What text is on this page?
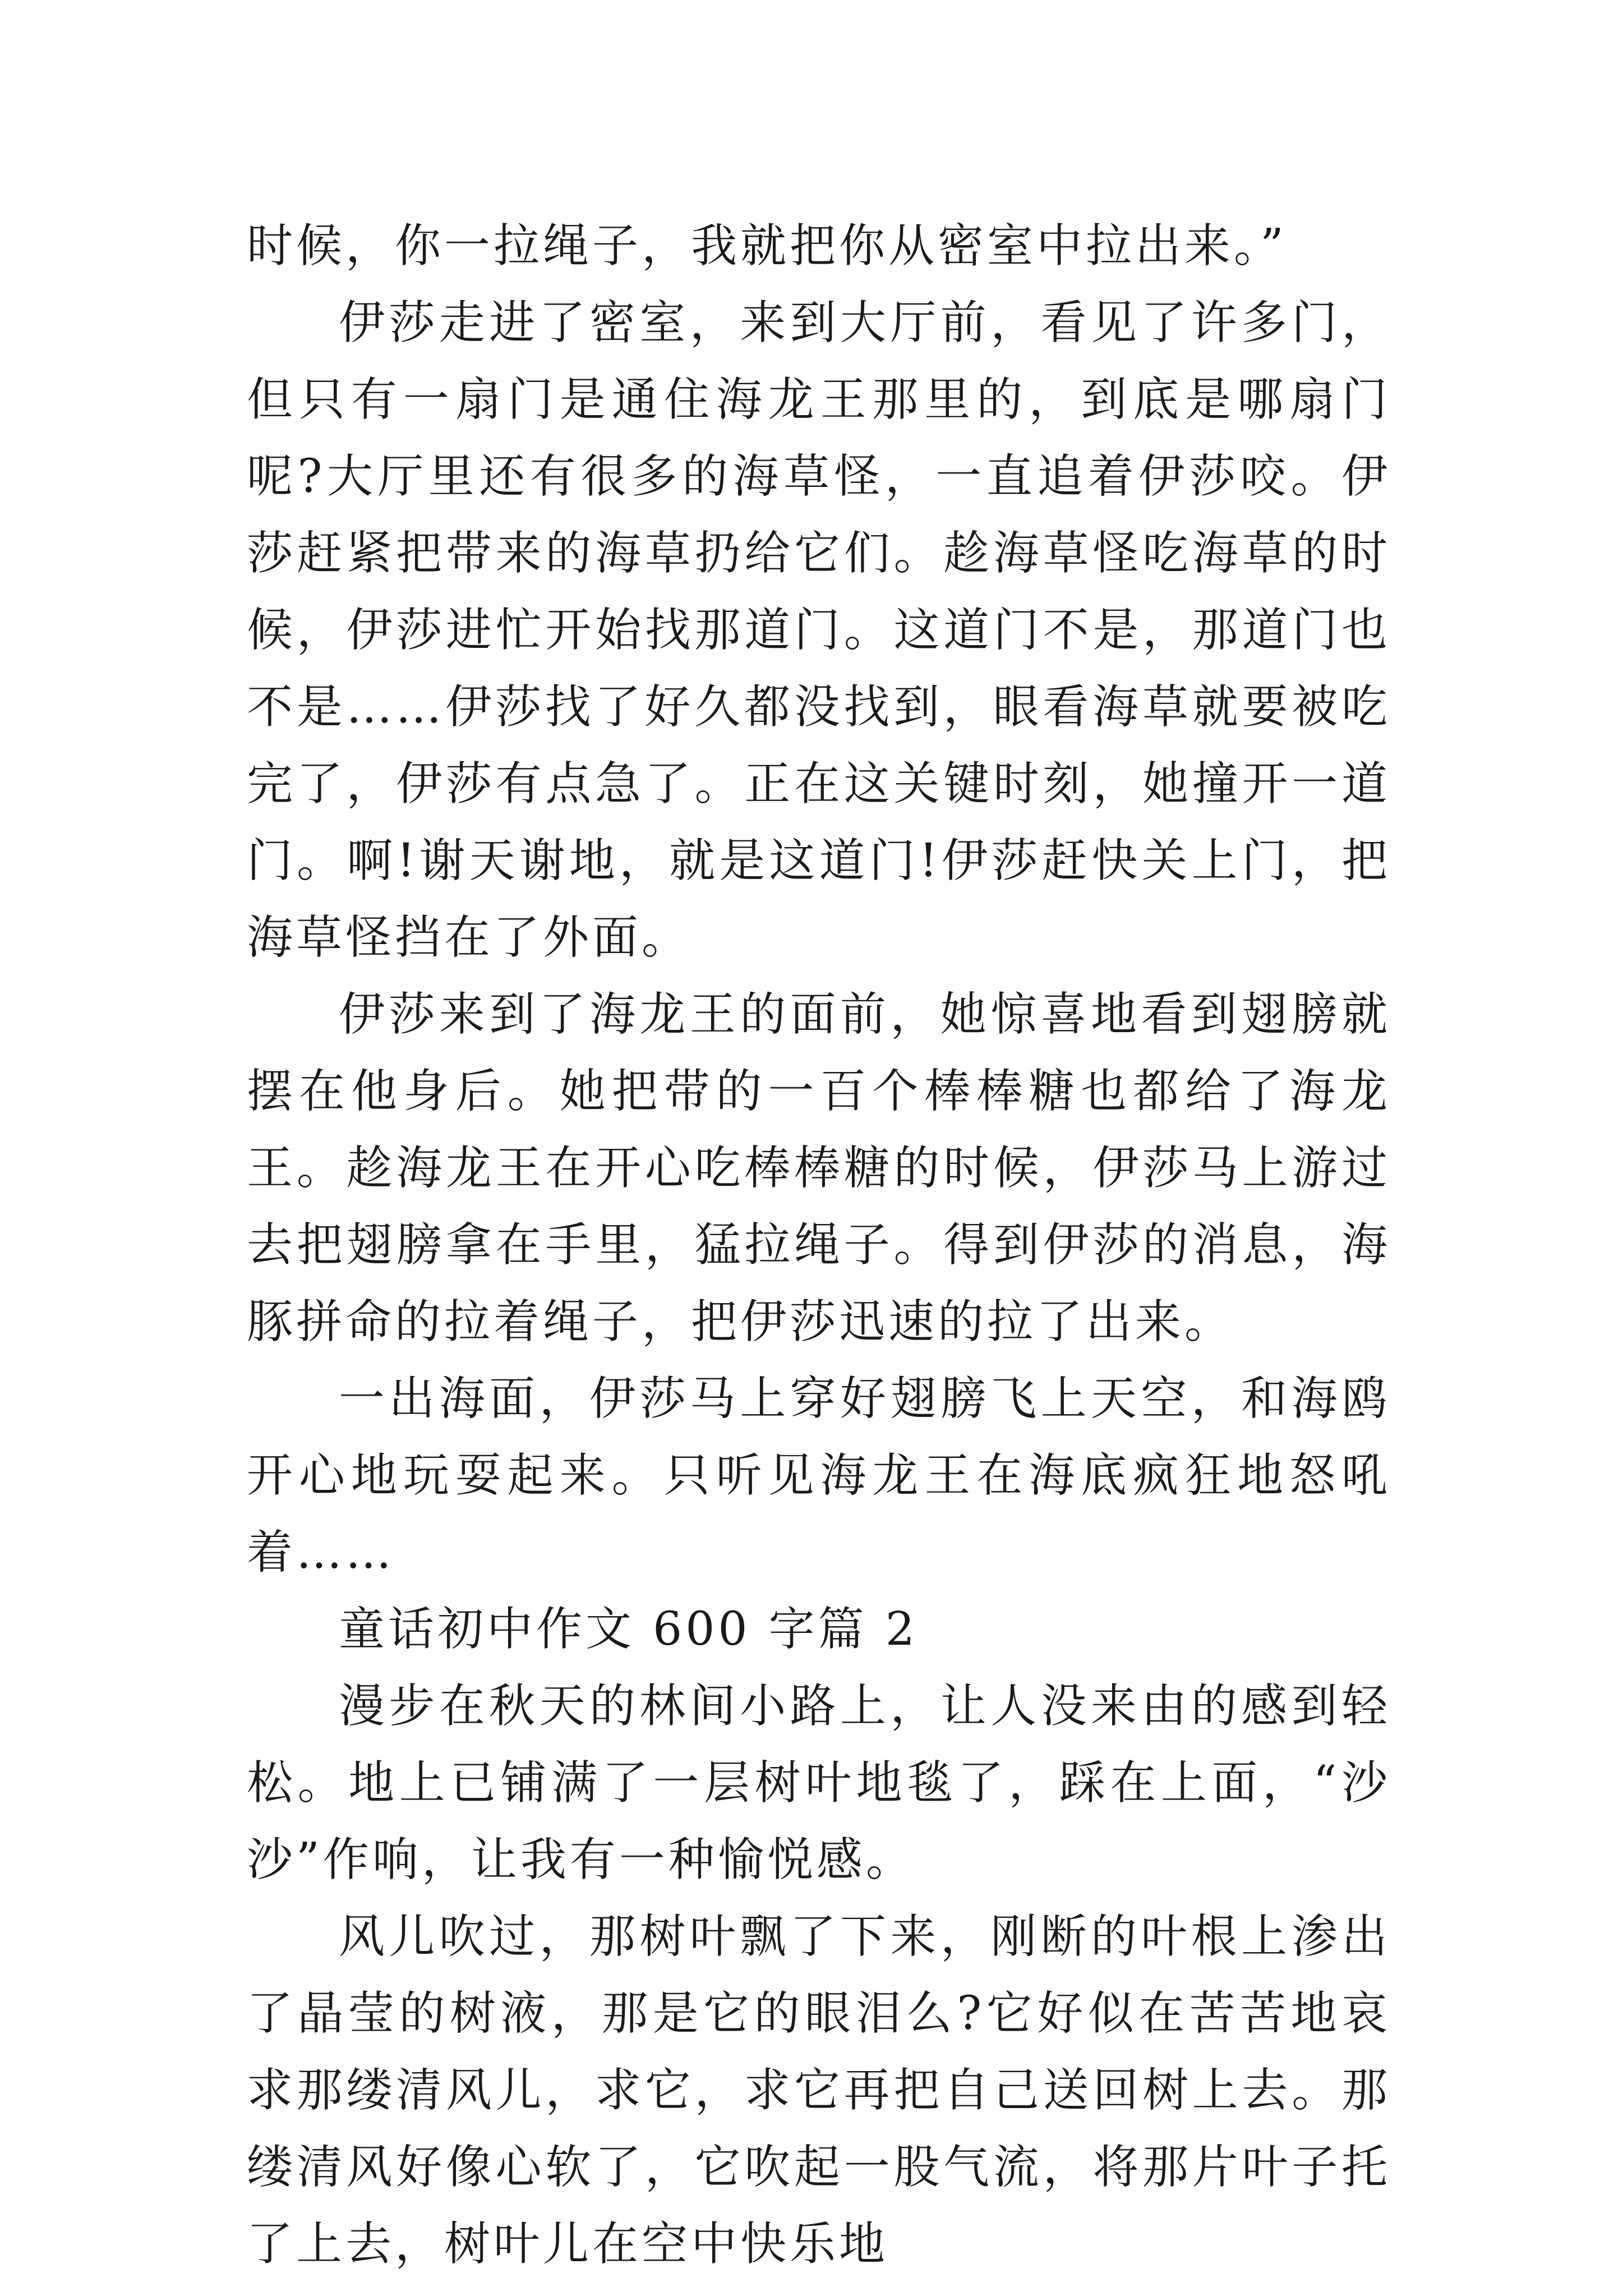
时候，你一拉绳子，我就把你从密室中拉出来。”

伊莎走进了密室，来到大厅前，看见了许多门，但只有一扇门是通住海龙王那里的，到底是哪扇门呢?大厅里还有很多的海草怪，一直追着伊莎咬。伊莎赶紧把带来的海草扔给它们。趁海草怪吃海草的时候，伊莎进忙开始找那道门。这道门不是，那道门也不是……伊莎找了好久都没找到，眼看海草就要被吃完了，伊莎有点急了。正在这关键时刻，她撞开一道门。啊!谢天谢地，就是这道门!伊莎赶快关上门，把海草怪挡在了外面。

伊莎来到了海龙王的面前，她惊喜地看到翅膀就摆在他身后。她把带的一百个棒棒糖也都给了海龙王。趁海龙王在开心吃棒棒糖的时候，伊莎马上游过去把翅膀拿在手里，猛拉绳子。得到伊莎的消息，海豚拼命的拉着绳子，把伊莎迅速的拉了出来。

一出海面，伊莎马上穿好翅膀飞上天空，和海鸥开心地玩耍起来。只听见海龙王在海底疯狂地怒吼着……

童话初中作文 600 字篇 2

漫步在秋天的林间小路上，让人没来由的感到轻松。地上已铺满了一层树叶地毯了，踩在上面，“沙沙”作响，让我有一种愉悦感。

风儿吹过，那树叶飘了下来，刚断的叶根上渗出了晶莹的树液，那是它的眼泪么?它好似在苦苦地哀求那缕清风儿，求它，求它再把自己送回树上去。那缕清风好像心软了，它吹起一股气流，将那片叶子托了上去，树叶儿在空中快乐地
